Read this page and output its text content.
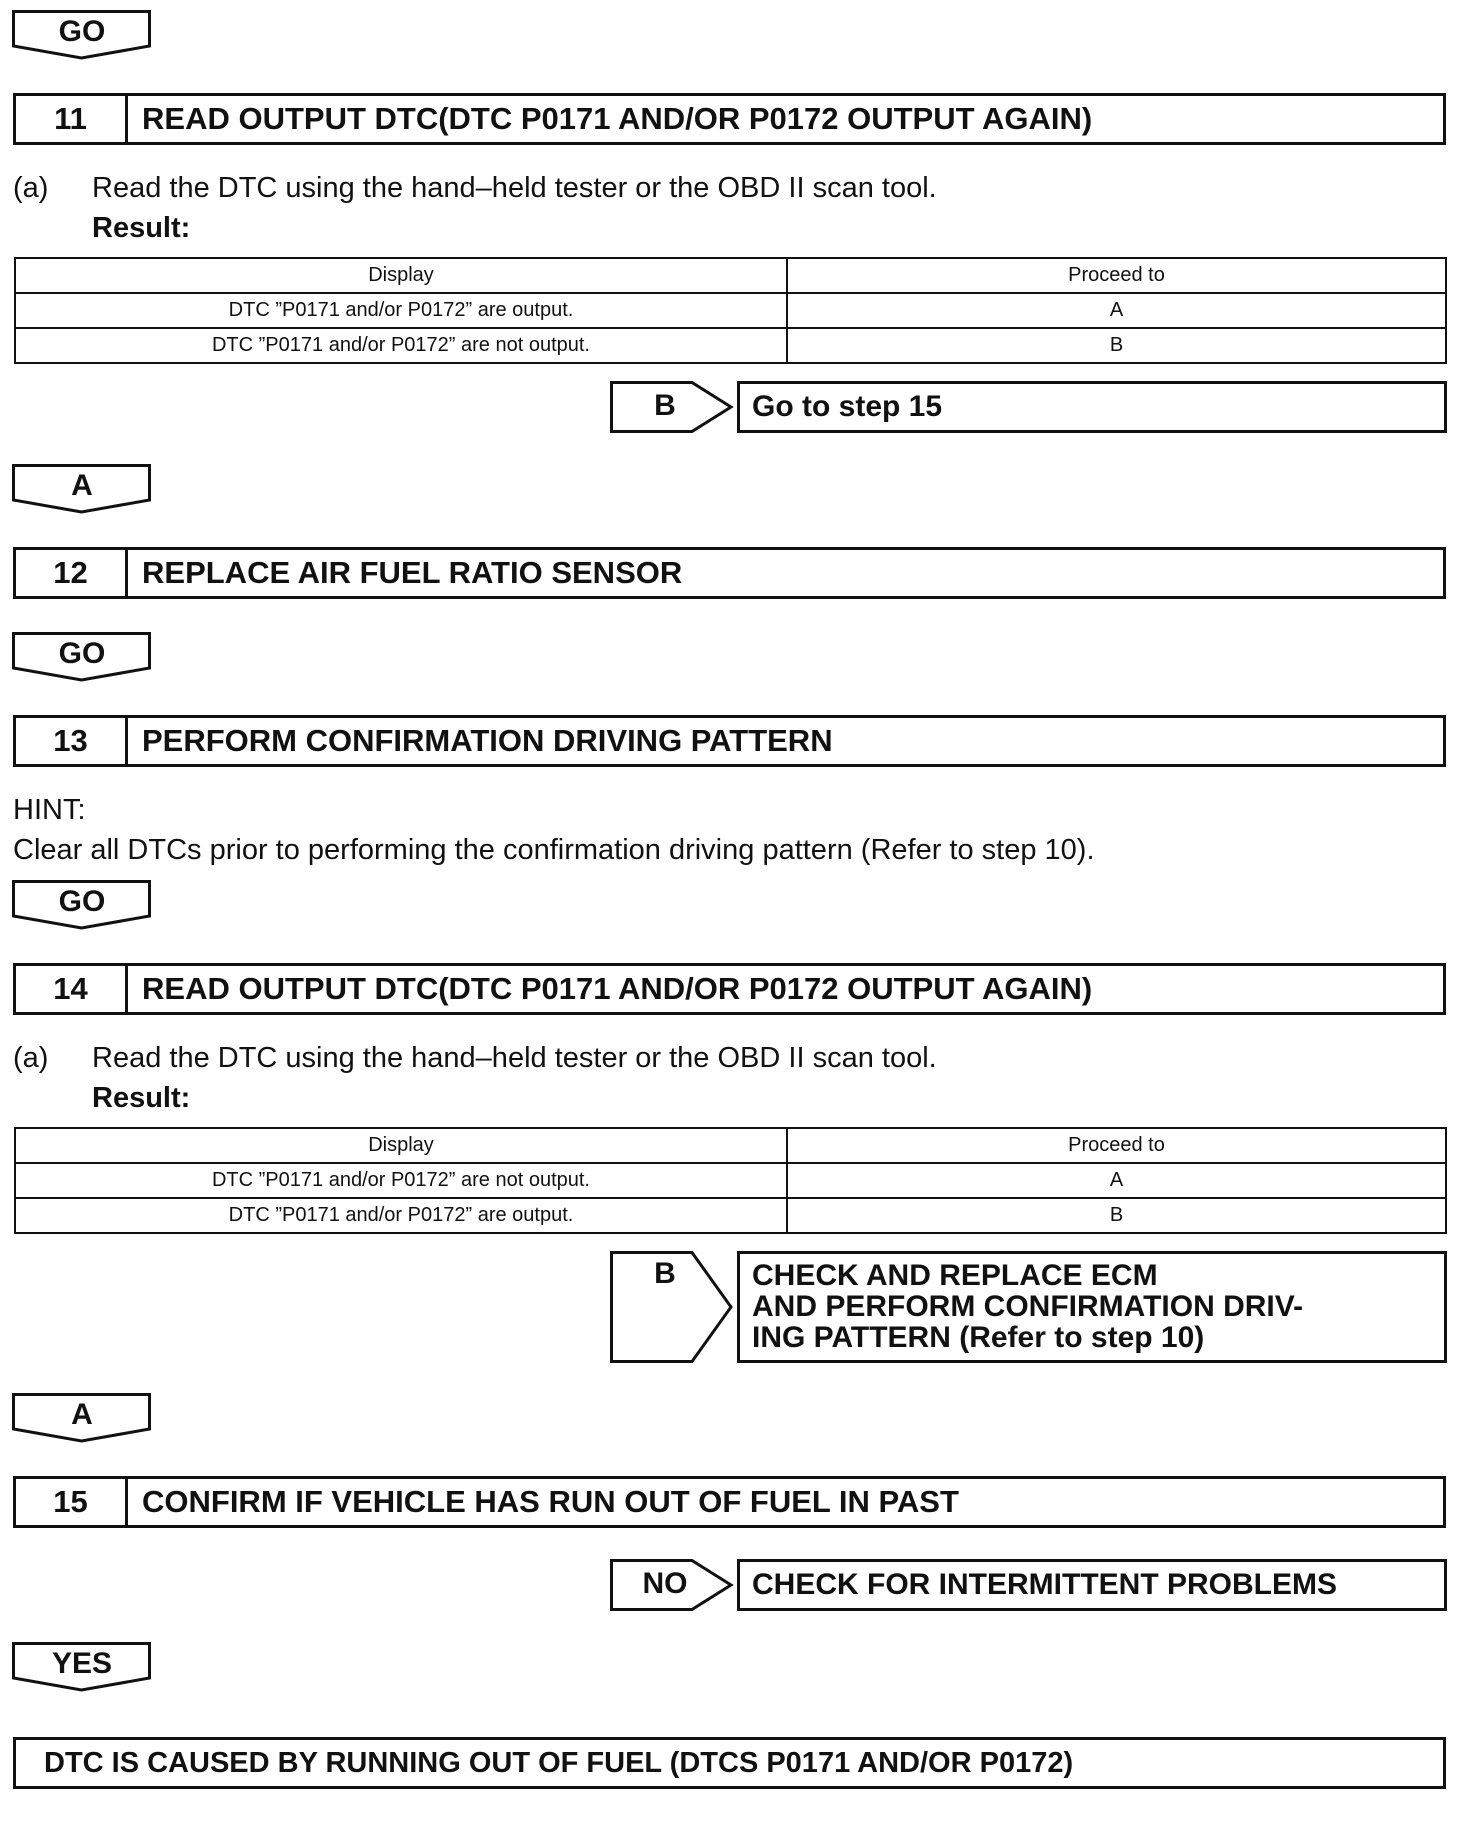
GO
11	READ OUTPUT DTC(DTC P0171 AND/OR P0172 OUTPUT AGAIN)
(a) Read the DTC using the hand–held tester or the OBD II scan tool.
Result:
Display	Proceed to
DTC ”P0171 and/or P0172” are output.	A
DTC ”P0171 and/or P0172” are not output.	B
B	Go to step 15
A
12	REPLACE AIR FUEL RATIO SENSOR
GO
13	PERFORM CONFIRMATION DRIVING PATTERN
HINT:
Clear all DTCs prior to performing the confirmation driving pattern (Refer to step 10).
GO
14	READ OUTPUT DTC(DTC P0171 AND/OR P0172 OUTPUT AGAIN)
(a) Read the DTC using the hand–held tester or the OBD II scan tool.
Result:
Display	Proceed to
DTC ”P0171 and/or P0172” are not output.	A
DTC ”P0171 and/or P0172” are output.	B
B	CHECK AND REPLACE ECM
AND PERFORM CONFIRMATION DRIV-
ING PATTERN (Refer to step 10)
A
15	CONFIRM IF VEHICLE HAS RUN OUT OF FUEL IN PAST
NO	CHECK FOR INTERMITTENT PROBLEMS
YES
DTC IS CAUSED BY RUNNING OUT OF FUEL (DTCS P0171 AND/OR P0172)
